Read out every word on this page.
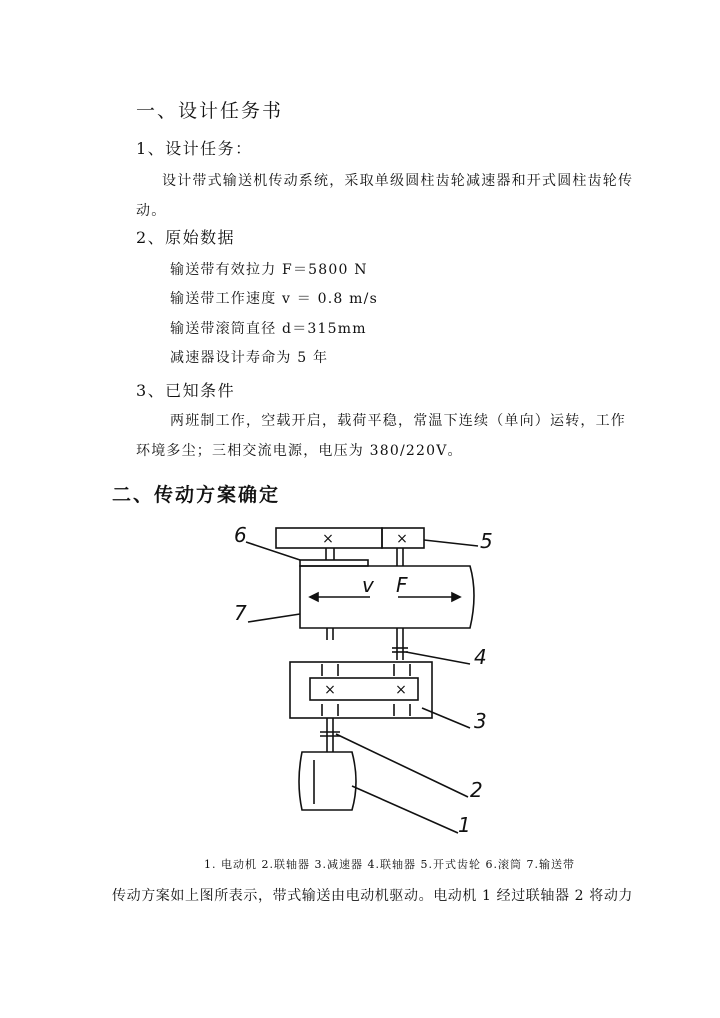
一、设计任务书
1、设计任务：
设计带式输送机传动系统，采取单级圆柱齿轮减速器和开式圆柱齿轮传
动。
2、原始数据
输送带有效拉力 F＝5800 N
输送带工作速度 v ＝ 0.8 m/s
输送带滚筒直径 d＝315mm
减速器设计寿命为 5 年
3、已知条件
两班制工作，空载开启，载荷平稳，常温下连续（单向）运转，工作
环境多尘；三相交流电源，电压为 380/220V。
二、传动方案确定
×	×
×	×
v F
1
2
3
4
5
6
7
1. 电动机 2.联轴器 3.减速器 4.联轴器 5.开式齿轮 6.滚筒 7.输送带
传动方案如上图所表示，带式输送由电动机驱动。电动机 1 经过联轴器 2 将动力
